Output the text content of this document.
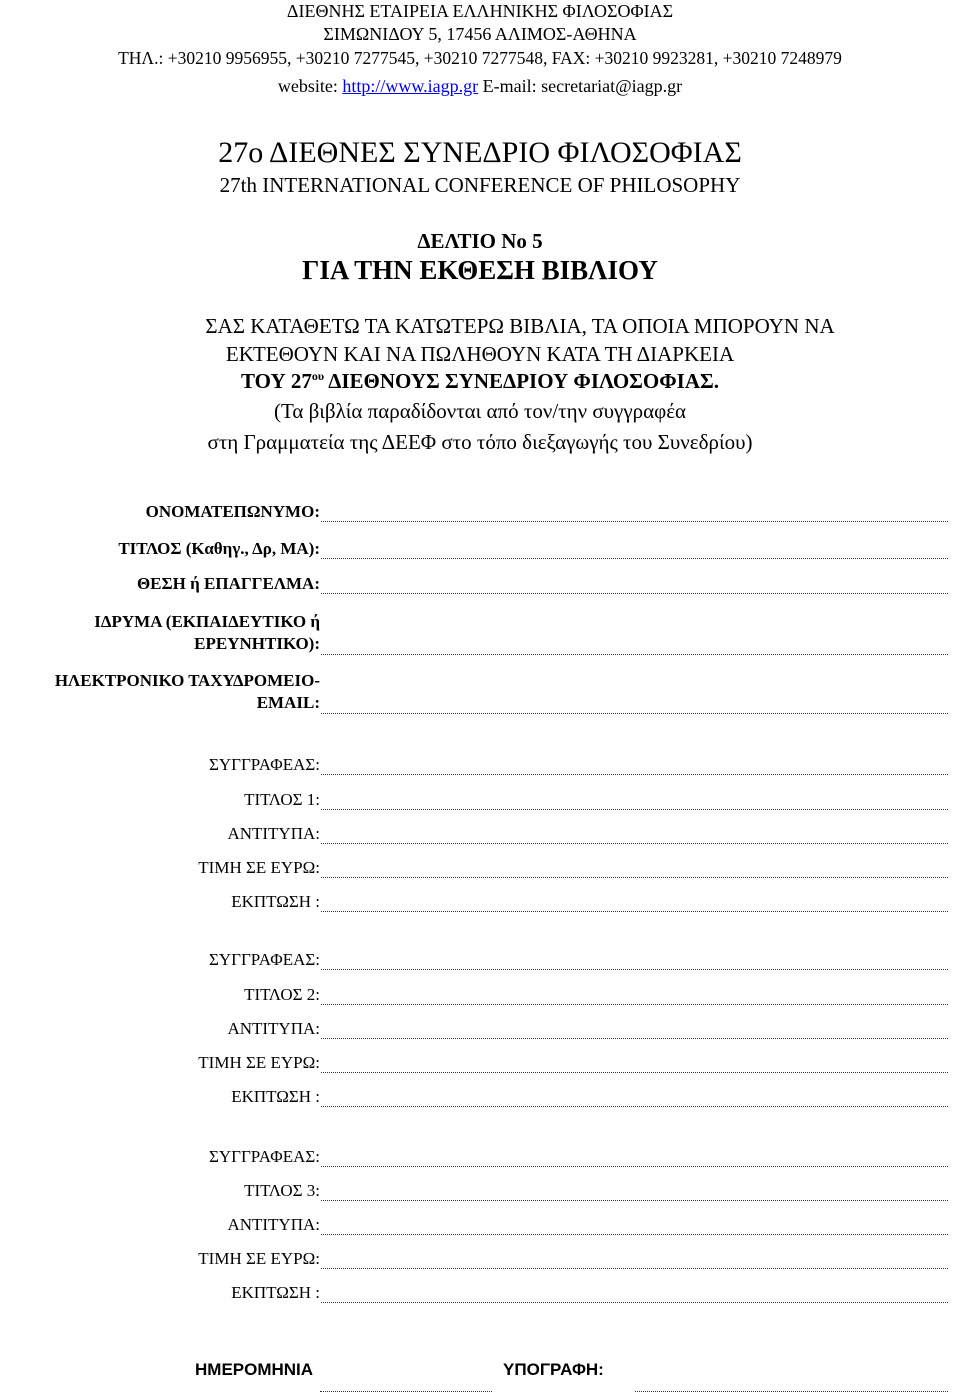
ΔΙΕΘΝΗΣ ΕΤΑΙΡΕΙΑ ΕΛΛΗΝΙΚΗΣ ΦΙΛΟΣΟΦΙΑΣ
ΣΙΜΩΝΙΔΟΥ 5, 17456 ΑΛΙΜΟΣ-ΑΘΗΝΑ
ΤΗΛ.: +30210 9956955, +30210 7277545, +30210 7277548, FAX: +30210 9923281, +30210 7248979
website: http://www.iagp.gr E-mail: secretariat@iagp.gr
27ο ΔΙΕΘΝΕΣ ΣΥΝΕΔΡΙΟ ΦΙΛΟΣΟΦΙΑΣ
27th INTERNATIONAL CONFERENCE OF PHILOSOPHY
ΔΕΛΤΙΟ Νο 5
ΓΙΑ ΤΗΝ ΕΚΘΕΣΗ ΒΙΒΛΙΟΥ
ΣΑΣ ΚΑΤΑΘΕΤΩ ΤΑ ΚΑΤΩΤΕΡΩ ΒΙΒΛΙΑ, ΤΑ ΟΠΟΙΑ ΜΠΟΡΟΥΝ ΝΑ
ΕΚΤΕΘΟΥΝ ΚΑΙ ΝΑ ΠΩΛΗΘΟΥΝ ΚΑΤΑ ΤΗ ΔΙΑΡΚΕΙΑ
ΤΟΥ $27^{o\upsilon}$ ΔΙΕΘΝΟΥΣ ΣΥΝΕΔΡΙΟΥ ΦΙΛΟΣΟΦΙΑΣ.
(Τα βιβλία παραδίδονται από τον/την συγγραφέα
στη Γραμματεία της ΔΕΕΦ στο τόπο διεξαγωγής του Συνεδρίου)
ΟΝΟΜΑΤΕΠΩΝΥΜΟ:
ΤΙΤΛΟΣ (Καθηγ., Δρ, ΜΑ):
ΘΕΣΗ ή ΕΠΑΓΓΕΛΜΑ:
ΙΔΡΥΜΑ (ΕΚΠΑΙΔΕΥΤΙΚΟ ή
ΕΡΕΥΝΗΤΙΚΟ):
ΗΛΕΚΤΡΟΝΙΚΟ ΤΑΧΥΔΡΟΜΕΙΟ-
EMAIL:
ΣΥΓΓΡΑΦΕΑΣ:
ΤΙΤΛΟΣ 1:
ΑΝΤΙΤΥΠΑ:
ΤΙΜΗ ΣΕ ΕΥΡΩ:
ΕΚΠΤΩΣΗ :
ΣΥΓΓΡΑΦΕΑΣ:
ΤΙΤΛΟΣ 2:
ΑΝΤΙΤΥΠΑ:
ΤΙΜΗ ΣΕ ΕΥΡΩ:
ΕΚΠΤΩΣΗ :
ΣΥΓΓΡΑΦΕΑΣ:
ΤΙΤΛΟΣ 3:
ΑΝΤΙΤΥΠΑ:
ΤΙΜΗ ΣΕ ΕΥΡΩ:
ΕΚΠΤΩΣΗ :
ΗΜΕΡΟΜΗΝΙΑ	ΥΠΟΓΡΑΦΗ:
